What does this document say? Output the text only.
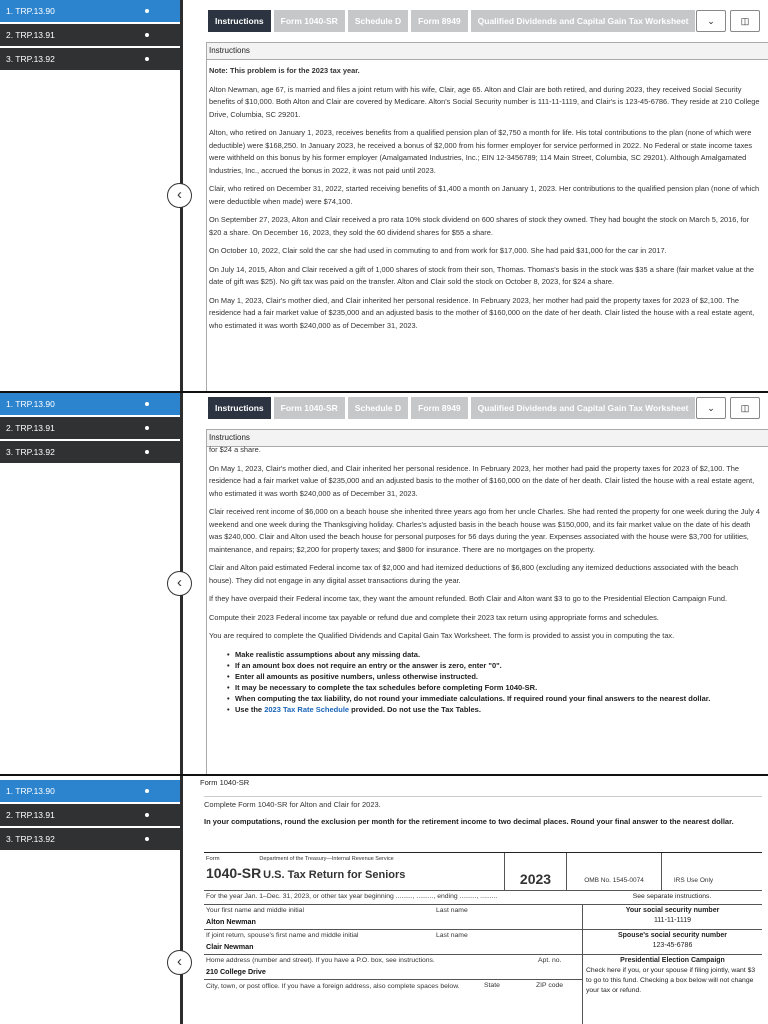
1. TRP.13.90
2. TRP.13.91
3. TRP.13.92
‹
Instructions	Form 1040-SR	Schedule D	Form 8949	Qualified Dividends and Capital Gain Tax Worksheet	⌄	◫
Instructions

Note: This problem is for the 2023 tax year.

Alton Newman, age 67, is married and files a joint return with his wife, Clair, age 65. Alton and Clair are both retired, and during 2023, they received Social Security benefits of $10,000. Both Alton and Clair are covered by Medicare. Alton's Social Security number is 111-11-1119, and Clair's is 123-45-6786. They reside at 210 College Drive, Columbia, SC 29201.

Alton, who retired on January 1, 2023, receives benefits from a qualified pension plan of $2,750 a month for life. His total contributions to the plan (none of which were deductible) were $168,250. In January 2023, he received a bonus of $2,000 from his former employer for service performed in 2022. No Federal or state income taxes were withheld on this bonus by his former employer (Amalgamated Industries, Inc.; EIN 12-3456789; 114 Main Street, Columbia, SC 29201). Although Amalgamated Industries, Inc., accrued the bonus in 2022, it was not paid until 2023.

Clair, who retired on December 31, 2022, started receiving benefits of $1,400 a month on January 1, 2023. Her contributions to the qualified pension plan (none of which were deductible when made) were $74,100.

On September 27, 2023, Alton and Clair received a pro rata 10% stock dividend on 600 shares of stock they owned. They had bought the stock on March 5, 2016, for $20 a share. On December 16, 2023, they sold the 60 dividend shares for $55 a share.

On October 10, 2022, Clair sold the car she had used in commuting to and from work for $17,000. She had paid $31,000 for the car in 2017.

On July 14, 2015, Alton and Clair received a gift of 1,000 shares of stock from their son, Thomas. Thomas's basis in the stock was $35 a share (fair market value at the date of gift was $25). No gift tax was paid on the transfer. Alton and Clair sold the stock on October 8, 2023, for $24 a share.

On May 1, 2023, Clair's mother died, and Clair inherited her personal residence. In February 2023, her mother had paid the property taxes for 2023 of $2,100. The residence had a fair market value of $235,000 and an adjusted basis to the mother of $160,000 on the date of her death. Clair listed the house with a real estate agent, who estimated it was worth $240,000 as of December 31, 2023.

1. TRP.13.90
2. TRP.13.91
3. TRP.13.92
‹
Instructions	Form 1040-SR	Schedule D	Form 8949	Qualified Dividends and Capital Gain Tax Worksheet	⌄	◫
Instructions

for $24 a share.

On May 1, 2023, Clair's mother died, and Clair inherited her personal residence. In February 2023, her mother had paid the property taxes for 2023 of $2,100. The residence had a fair market value of $235,000 and an adjusted basis to the mother of $160,000 on the date of her death. Clair listed the house with a real estate agent, who estimated it was worth $240,000 as of December 31, 2023.

Clair received rent income of $6,000 on a beach house she inherited three years ago from her uncle Charles. She had rented the property for one week during the July 4 weekend and one week during the Thanksgiving holiday. Charles's adjusted basis in the beach house was $150,000, and its fair market value on the date of his death was $240,000. Clair and Alton used the beach house for personal purposes for 56 days during the year. Expenses associated with the house were $3,700 for utilities, maintenance, and repairs; $2,200 for property taxes; and $800 for insurance. There are no mortgages on the property.

Clair and Alton paid estimated Federal income tax of $2,000 and had itemized deductions of $6,800 (excluding any itemized deductions associated with the beach house). They did not engage in any digital asset transactions during the year.

If they have overpaid their Federal income tax, they want the amount refunded. Both Clair and Alton want $3 to go to the Presidential Election Campaign Fund.

Compute their 2023 Federal income tax payable or refund due and complete their 2023 tax return using appropriate forms and schedules.

You are required to complete the Qualified Dividends and Capital Gain Tax Worksheet. The form is provided to assist you in computing the tax.

• Make realistic assumptions about any missing data.
• If an amount box does not require an entry or the answer is zero, enter "0".
• Enter all amounts as positive numbers, unless otherwise instructed.
• It may be necessary to complete the tax schedules before completing Form 1040-SR.
• When computing the tax liability, do not round your immediate calculations. If required round your final answers to the nearest dollar.
• Use the 2023 Tax Rate Schedule provided. Do not use the Tax Tables.
1. TRP.13.90
2. TRP.13.91
3. TRP.13.92
‹
Form 1040-SR
Complete Form 1040-SR for Alton and Clair for 2023.
In your computations, round the exclusion per month for the retirement income to two decimal places. Round your final answer to the nearest dollar.
Form	Department of the Treasury—Internal Revenue Service
1040-SR U.S. Tax Return for Seniors	2023	OMB No. 1545-0074	IRS Use Only
For the year Jan. 1–Dec. 31, 2023, or other tax year beginning ........., ........., ending ........., .........	See separate instructions.
Your first name and middle initial
Alton Newman
Last name	Your social security number
111-11-1119
If joint return, spouse's first name and middle initial
Clair Newman
Last name	Spouse's social security number
123-45-6786
Home address (number and street). If you have a P.O. box, see instructions.
210 College Drive
Apt. no.	Presidential Election Campaign
Check here if you, or your spouse if filing jointly, want $3 to go to this fund. Checking a box below will not change your tax or refund.
City, town, or post office. If you have a foreign address, also complete spaces below.	State	ZIP code
